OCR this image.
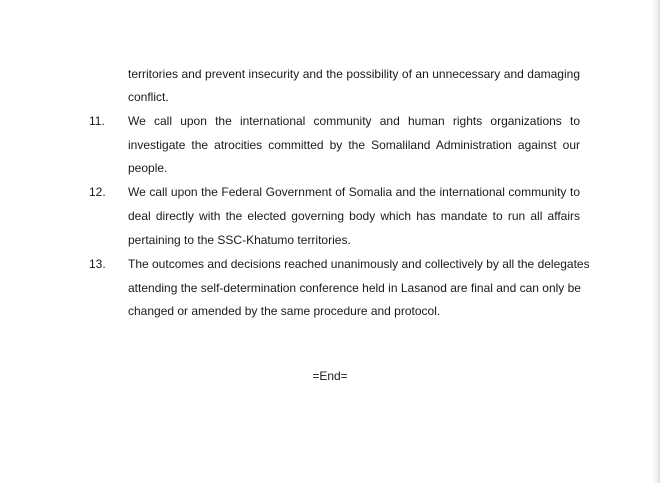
territories and prevent insecurity and the possibility of an unnecessary and damaging
conflict.
11.	We call upon the international community and human rights organizations to
investigate the atrocities committed by the Somaliland Administration against our
people.
12.	We call upon the Federal Government of Somalia and the international community to
deal directly with the elected governing body which has mandate to run all affairs
pertaining to the SSC-Khatumo territories.
13.	The outcomes and decisions reached unanimously and collectively by all the delegates
attending the self-determination conference held in Lasanod are final and can only be
changed or amended by the same procedure and protocol.
=End=
